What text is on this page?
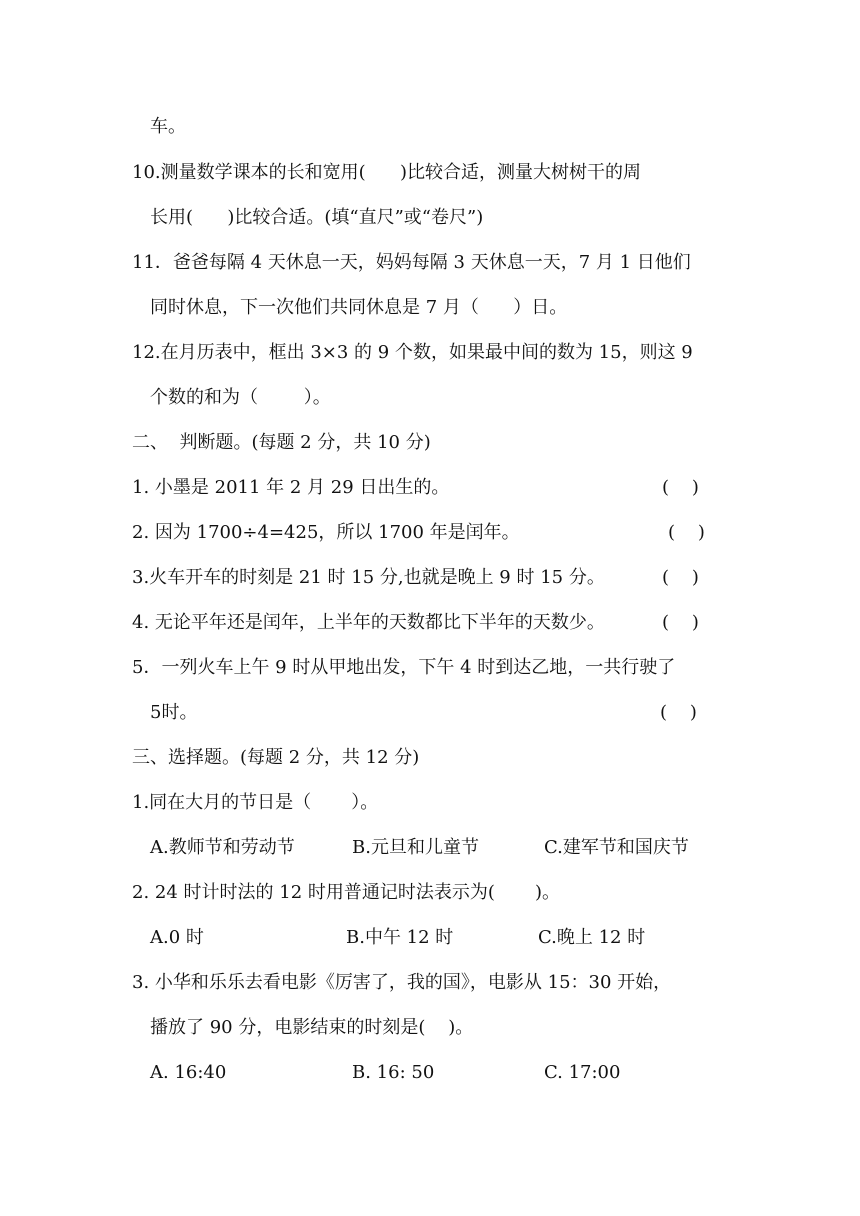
车。
10.测量数学课本的长和宽用(      )比较合适，测量大树树干的周
长用(      )比较合适。(填“直尺”或“卷尺”)
11．爸爸每隔 4 天休息一天，妈妈每隔 3 天休息一天，7 月 1 日他们
同时休息，下一次他们共同休息是 7 月（      ）日。
12.在月历表中，框出 3×3 的 9 个数，如果最中间的数为 15，则这 9
个数的和为（        ）。
二、  判断题。(每题 2 分，共 10 分)
1. 小墨是 2011 年 2 月 29 日出生的。	(    )
2. 因为 1700÷4=425，所以 1700 年是闰年。	(    )
3.火车开车的时刻是 21 时 15 分,也就是晚上 9 时 15 分。	(    )
4. 无论平年还是闰年，上半年的天数都比下半年的天数少。	(    )
5．一列火车上午 9 时从甲地出发，下午 4 时到达乙地，一共行驶了
5时。	(    )
三、选择题。(每题 2 分，共 12 分)
1.同在大月的节日是（       ）。
A.教师节和劳动节	B.元旦和儿童节	C.建军节和国庆节
2. 24 时计时法的 12 时用普通记时法表示为(       )。
A.0 时	B.中午 12 时	C.晚上 12 时
3. 小华和乐乐去看电影《厉害了，我的国》，电影从 15：30 开始，
播放了 90 分，电影结束的时刻是(    )。
A. 16:40	B. 16: 50	C. 17:00
